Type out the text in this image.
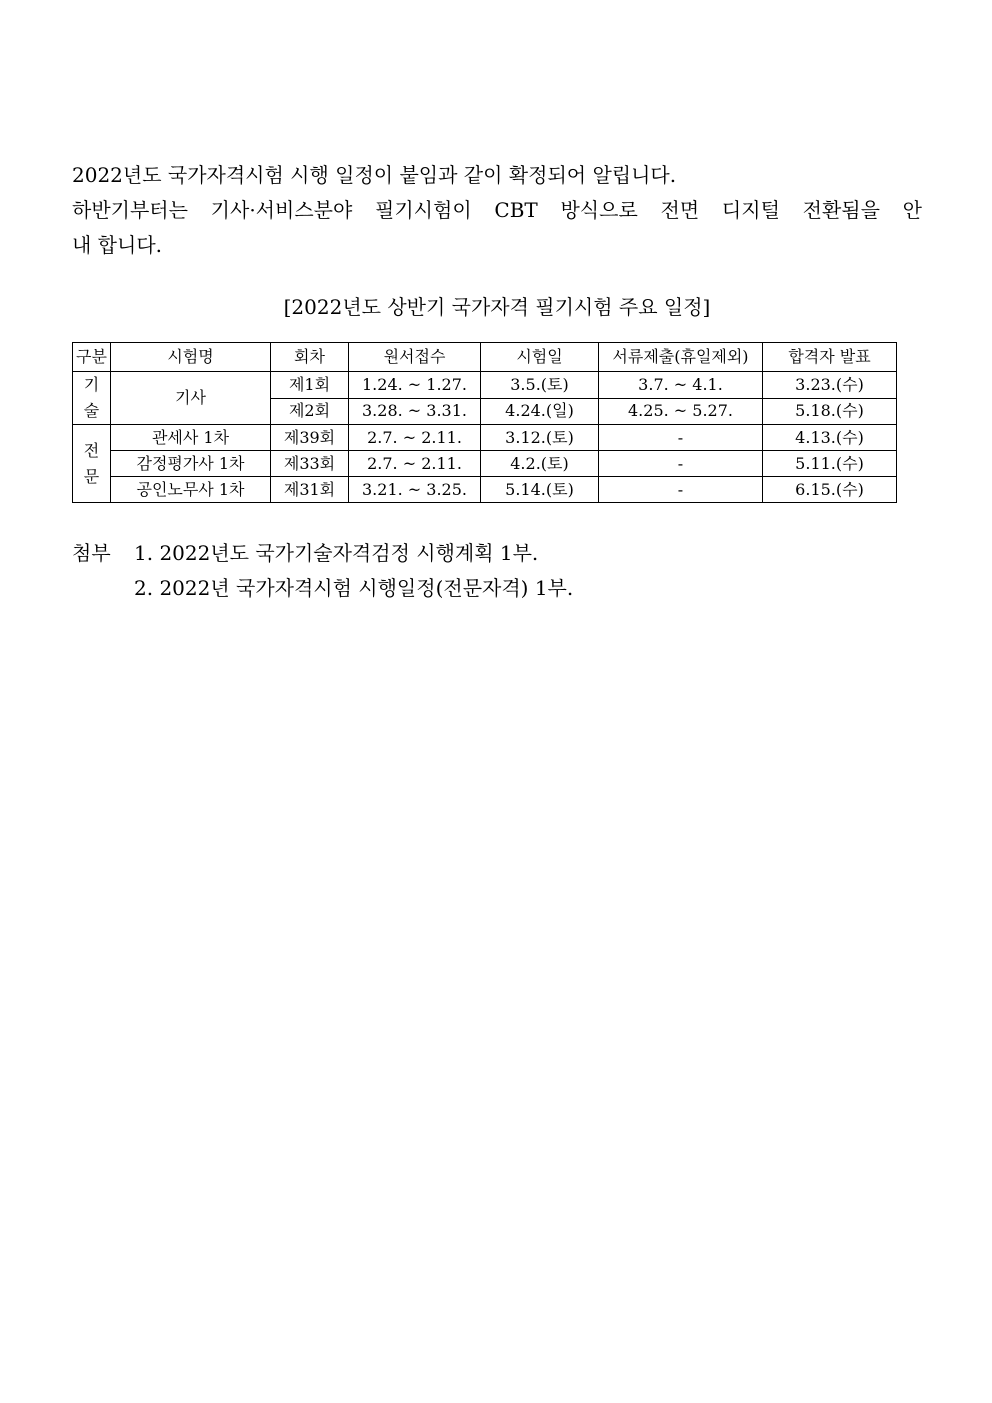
2022년도 국가자격시험 시행 일정이 붙임과 같이 확정되어 알립니다.

하반기부터는 기사·서비스분야 필기시험이 CBT 방식으로 전면 디지털 전환됨을 안

내 합니다.

[2022년도 상반기 국가자격 필기시험 주요 일정]
구분	시험명	회차	원서접수	시험일	서류제출(휴일제외)	합격자 발표
기
술	기사	제1회	1.24. ~ 1.27.	3.5.(토)	3.7. ~ 4.1.	3.23.(수)
		제2회	3.28. ~ 3.31.	4.24.(일)	4.25. ~ 5.27.	5.18.(수)
전
문	관세사 1차	제39회	2.7. ~ 2.11.	3.12.(토)	-	4.13.(수)
	감정평가사 1차	제33회	2.7. ~ 2.11.	4.2.(토)	-	5.11.(수)
	공인노무사 1차	제31회	3.21. ~ 3.25.	5.14.(토)	-	6.15.(수)
첨부	1. 2022년도 국가기술자격검정 시행계획 1부.
2. 2022년 국가자격시험 시행일정(전문자격) 1부.
